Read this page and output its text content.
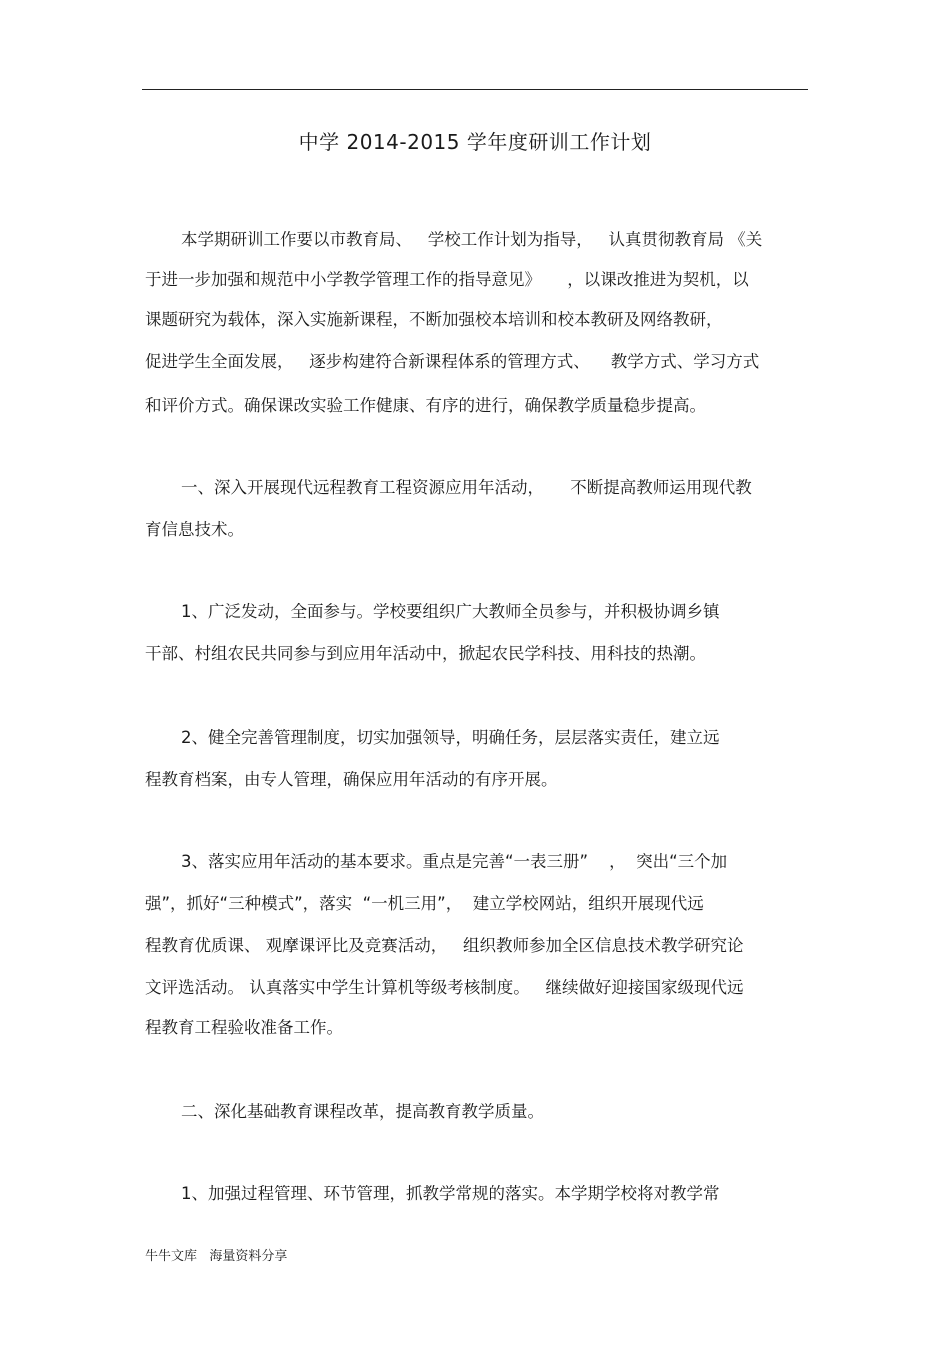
中学 2014-2015 学年度研训工作计划
本学期研训工作要以市教育局、   学校工作计划为指导，   认真贯彻教育局 《关
于进一步加强和规范中小学教学管理工作的指导意见》     ，以课改推进为契机，以
课题研究为载体，深入实施新课程，不断加强校本培训和校本教研及网络教研，
促进学生全面发展，   逐步构建符合新课程体系的管理方式、    教学方式、学习方式
和评价方式。确保课改实验工作健康、有序的进行，确保教学质量稳步提高。
一、深入开展现代远程教育工程资源应用年活动，     不断提高教师运用现代教
育信息技术。
1、广泛发动，全面参与。学校要组织广大教师全员参与，并积极协调乡镇
干部、村组农民共同参与到应用年活动中，掀起农民学科技、用科技的热潮。
2、健全完善管理制度，切实加强领导，明确任务，层层落实责任，建立远
程教育档案，由专人管理，确保应用年活动的有序开展。
3、落实应用年活动的基本要求。重点是完善“一表三册”    ，  突出“三个加
强”，抓好“三种模式”，落实  “一机三用”，  建立学校网站，组织开展现代远
程教育优质课、 观摩课评比及竞赛活动，   组织教师参加全区信息技术教学研究论
文评选活动。 认真落实中学生计算机等级考核制度。   继续做好迎接国家级现代远
程教育工程验收准备工作。
二、深化基础教育课程改革，提高教育教学质量。
1、加强过程管理、环节管理，抓教学常规的落实。本学期学校将对教学常
牛牛文库   海量资料分享
